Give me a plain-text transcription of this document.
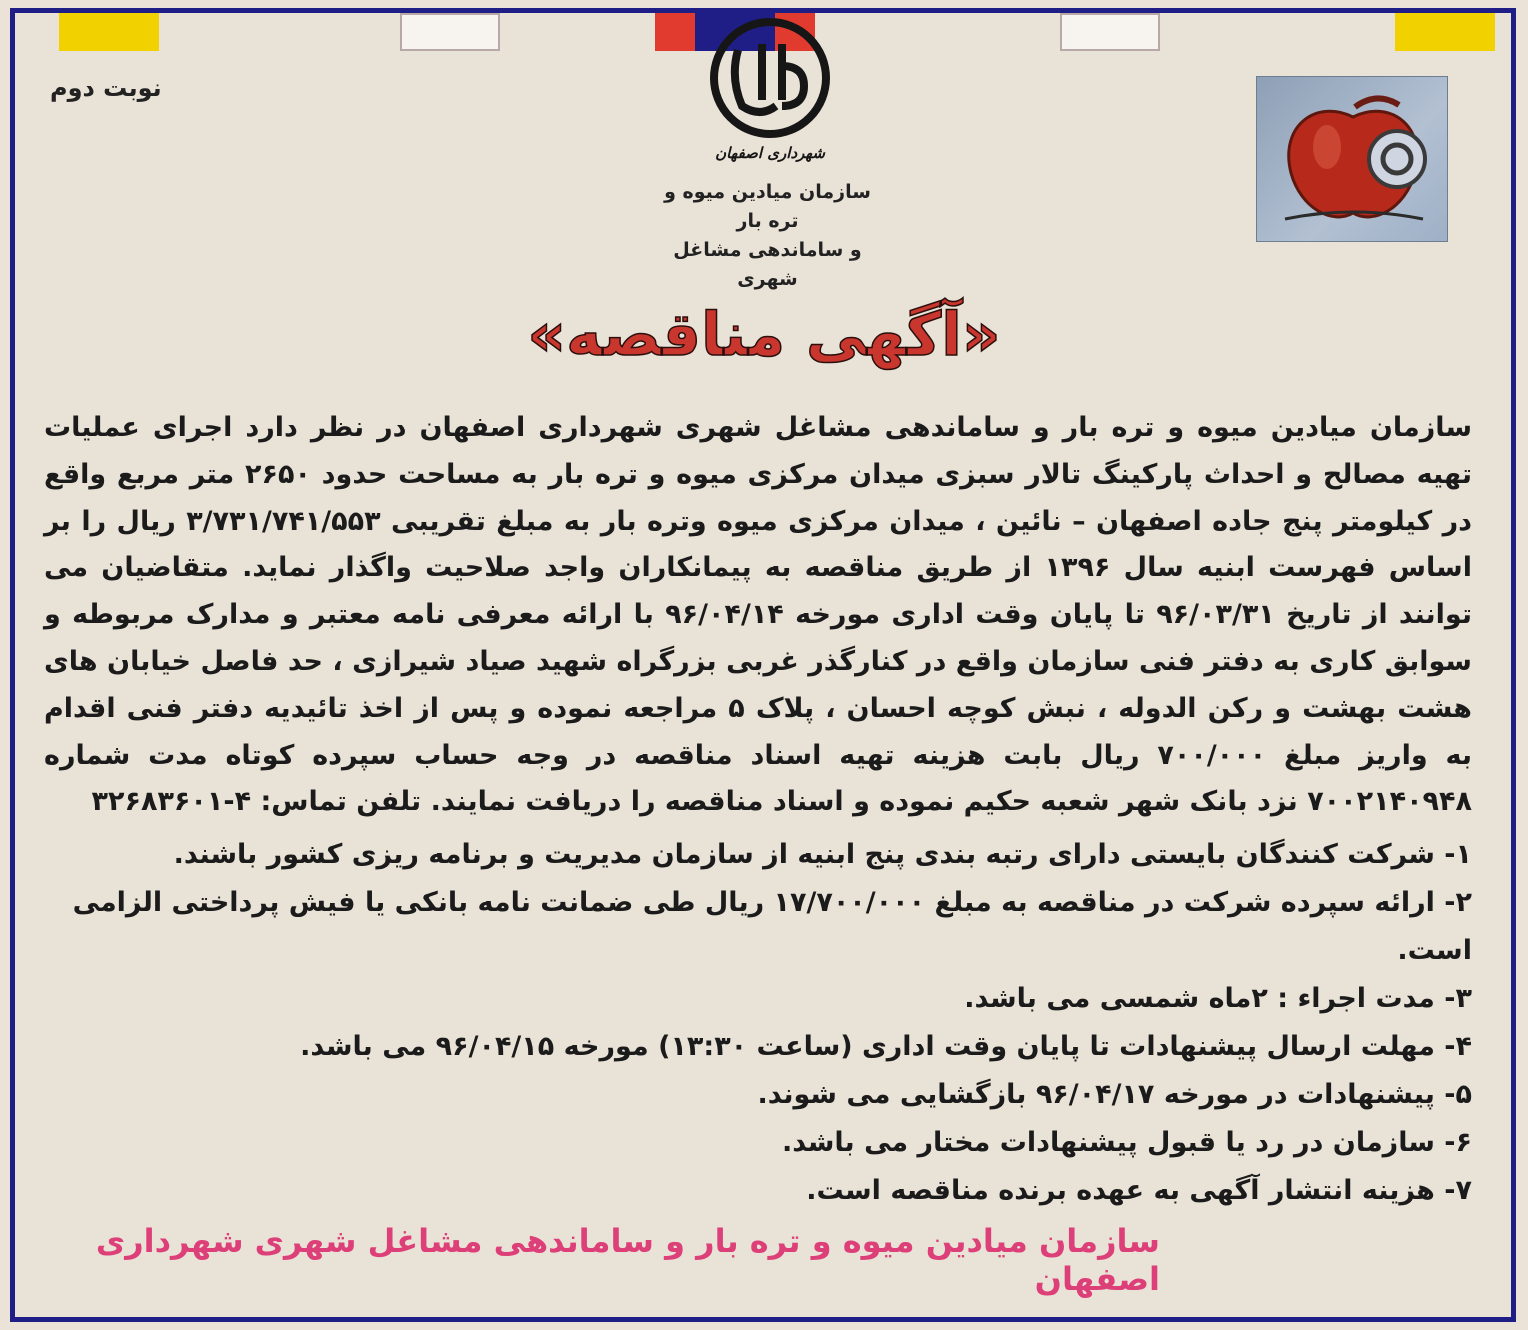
نوبت دوم
شهرداری اصفهان
سازمان میادین میوه و تره بار
و ساماندهی مشاغل شهری
«آگهی مناقصه»
سازمان میادین میوه و تره بار و ساماندهی مشاغل شهری شهرداری اصفهان در نظر دارد اجرای عملیات تهیه مصالح و احداث پارکینگ تالار سبزی میدان مرکزی میوه و تره بار به مساحت حدود ۲۶۵۰ متر مربع واقع در کیلومتر پنج جاده اصفهان – نائین ، میدان مرکزی میوه وتره بار به مبلغ تقریبی ۳/۷۳۱/۷۴۱/۵۵۳ ریال را بر اساس فهرست ابنیه سال ۱۳۹۶ از طریق مناقصه به پیمانکاران واجد صلاحیت واگذار نماید. متقاضیان می توانند از تاریخ ۹۶/۰۳/۳۱ تا پایان وقت اداری مورخه ۹۶/۰۴/۱۴ با ارائه معرفی نامه معتبر و مدارک مربوطه و سوابق کاری به دفتر فنی سازمان واقع در کنارگذر غربی بزرگراه شهید صیاد شیرازی ، حد فاصل خیابان های هشت بهشت و رکن الدوله ، نبش کوچه احسان ، پلاک ۵ مراجعه نموده و پس از اخذ تائیدیه دفتر فنی اقدام به واریز مبلغ ۷۰۰/۰۰۰ ریال بابت هزینه تهیه اسناد مناقصه در وجه حساب سپرده کوتاه مدت شماره ۷۰۰۲۱۴۰۹۴۸ نزد بانک شهر شعبه حکیم نموده و اسناد مناقصه را دریافت نمایند. تلفن تماس: ۴-۳۲۶۸۳۶۰۱
۱- شرکت کنندگان بایستی دارای رتبه بندی پنج ابنیه از سازمان مدیریت و برنامه ریزی کشور باشند.
۲- ارائه سپرده شرکت در مناقصه به مبلغ ۱۷/۷۰۰/۰۰۰ ریال طی ضمانت نامه بانکی یا فیش پرداختی الزامی است.
۳- مدت اجراء : ۲ماه شمسی می باشد.
۴- مهلت ارسال پیشنهادات تا پایان وقت اداری (ساعت ۱۳:۳۰) مورخه ۹۶/۰۴/۱۵ می باشد.
۵- پیشنهادات در مورخه ۹۶/۰۴/۱۷ بازگشایی می شوند.
۶- سازمان در رد یا قبول پیشنهادات مختار می باشد.
۷- هزینه انتشار آگهی به عهده برنده مناقصه است.
سازمان میادین میوه و تره بار و ساماندهی مشاغل شهری شهرداری اصفهان
